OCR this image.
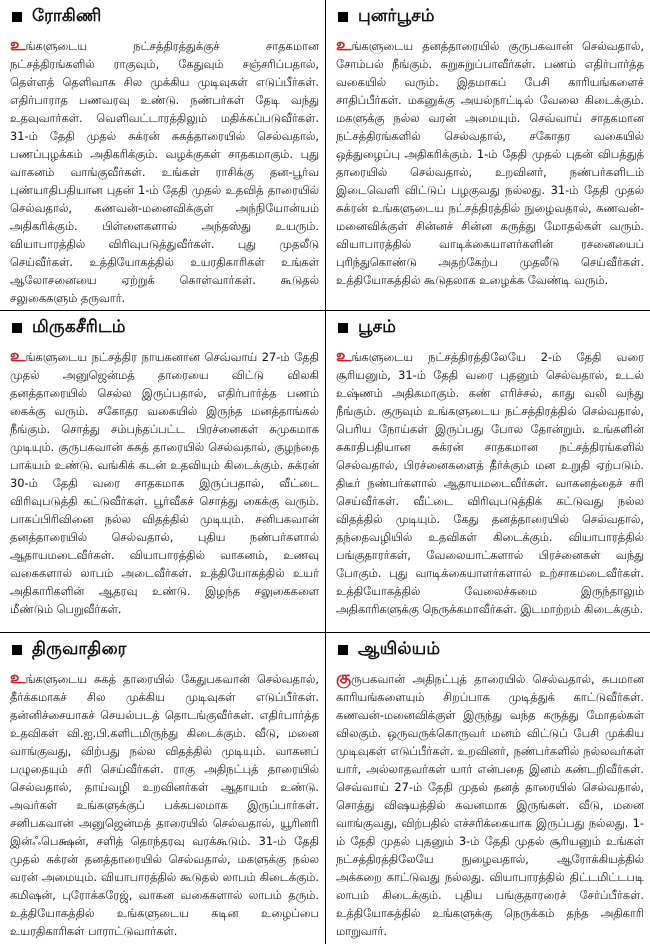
ரோகிணி

உங்களுடைய நட்சத்திரத்துக்குச் சாதகமான நட்சத்திரங்களில் ராகுவும், கேதுவும் சஞ்சரிப்பதால், தெள்ளத் தெளிவாக சில முக்கிய முடிவுகள் எடுப்பீர்கள். எதிர்பாராத பணவரவு உண்டு. நண்பர்கள் தேடி வந்து உதவுவார்கள். வெளிவட்டாரத்திலும் மதிக்கப்படுவீர்கள். 31-ம் தேதி முதல் சுக்ரன் சுகத்தாரையில் செல்வதால், பணப்புழக்கம் அதிகரிக்கும். வழக்குகள் சாதகமாகும். புது வாகனம் வாங்குவீர்கள். உங்கள் ராசிக்கு தன-பூர்வ புண்யாதிபதியான புதன் 1-ம் தேதி முதல் உதவித் தாரையில் செல்வதால், கணவன்-மனைவிக்குள் அந்நியோன்யம் அதிகரிக்கும். பிள்ளைகளால் அந்தஸ்து உயரும். வியாபாரத்தில் விரிவுபடுத்துவீர்கள். புது முதலீடு செய்வீர்கள். உத்தியோகத்தில் உயரதிகாரிகள் உங்கள் ஆலோசனையை ஏற்றுக் கொள்வார்கள். கூடுதல் சலுகைகளும் தருவார்.

புனர்பூசம்

உங்களுடைய தனத்தாரையில் குருபகவான் செல்வதால், சோம்பல் நீங்கும். சுறுசுறுப்பாவீர்கள். பணம் எதிர்பார்த்த வகையில் வரும். இதமாகப் பேசி காரியங்களைச் சாதிப்பீர்கள். மகனுக்கு அயல்நாட்டில் வேலை கிடைக்கும். மகளுக்கு நல்ல வரன் அமையும். செவ்வாய் சாதகமான நட்சத்திரங்களில் செல்வதால், சகோதர வகையில் ஒத்துழைப்பு அதிகரிக்கும். 1-ம் தேதி முதல் புதன் விபத்துத் தாரையில் செல்வதால், உறவினர், நண்பர்களிடம் இடைவெளி விட்டுப் பழகுவது நல்லது. 31-ம் தேதி முதல் சுக்ரன் உங்களுடைய நட்சத்திரத்தில் நுழைவதால், கணவன்-மனைவிக்குள் சின்னச் சின்ன கருத்து மோதல்கள் வரும். வியாபாரத்தில் வாடிக்கையாளர்களின் ரசனையைப் புரிந்துகொண்டு அதற்கேற்ப முதலீடு செய்வீர்கள். உத்தியோகத்தில் கூடுதலாக உழைக்க வேண்டி வரும்.

மிருகசீரிடம்

உங்களுடைய நட்சத்திர நாயகனான செவ்வாய் 27-ம் தேதி முதல் அனுஜென்மத் தாரையை விட்டு விலகி தனத்தாரையில் செல்ல இருப்பதால், எதிர்பார்த்த பணம் கைக்கு வரும். சகோதர வகையில் இருந்த மனத்தாங்கல் நீங்கும். சொத்து சம்பந்தப்பட்ட பிரச்னைகள் சுமுகமாக முடியும். குருபகவான் சுகத் தாரையில் செல்வதால், குழந்தை பாக்யம் உண்டு. வங்கிக் கடன் உதவியும் கிடைக்கும். சுக்ரன் 30-ம் தேதி வரை சாதகமாக இருப்பதால், வீட்டை விரிவுபடுத்தி கட்டுவீர்கள். பூர்வீகச் சொத்து கைக்கு வரும். பாகப்பிரிவினை நல்ல விதத்தில் முடியும். சனிபகவான் தனத்தாரையில் செல்வதால், புதிய நண்பர்களால் ஆதாயமடைவீர்கள். வியாபாரத்தில் வாகனம், உணவு வகைகளால் லாபம் அடைவீர்கள். உத்தியோகத்தில் உயர் அதிகாரிகளின் ஆதரவு உண்டு. இழந்த சலுகைகளை மீண்டும் பெறுவீர்கள்.

பூசம்

உங்களுடைய நட்சத்திரத்திலேயே 2-ம் தேதி வரை சூரியனும், 31-ம் தேதி வரை புதனும் செல்வதால், உடல் உஷ்ணம் அதிகமாகும். கண் எரிச்சல், காது வலி வந்து நீங்கும். குருவும் உங்களுடைய நட்சத்திரத்தில் செல்வதால், பெரிய நோய்கள் இருப்பது போல தோன்றும். உங்களின் சுகாதிபதியான சுக்ரன் சாதகமான நட்சத்திரங்களில் செல்வதால், பிரச்னைகளைத் தீர்க்கும் மன உறுதி ஏற்படும். திடீர் நண்பர்களால் ஆதாயமடைவீர்கள். வாகனத்தைச் சரி செய்வீர்கள். வீட்டை விரிவுபடுத்திக் கட்டுவது நல்ல விதத்தில் முடியும். கேது தனத்தாரையில் செல்வதால், தந்தைவழியில் உதவிகள் கிடைக்கும். வியாபாரத்தில் பங்குதாரர்கள், வேலையாட்களால் பிரச்னைகள் வந்து போகும். புது வாடிக்கையாளர்களால் உற்சாகமடைவீர்கள். உத்தியோகத்தில் வேலைச்சுமை இருந்தாலும் அதிகாரிகளுக்கு நெருக்கமாவீர்கள். இடமாற்றம் கிடைக்கும்.

திருவாதிரை

உங்களுடைய சுகத் தாரையில் கேதுபகவான் செல்வதால், தீர்க்கமாகச் சில முக்கிய முடிவுகள் எடுப்பீர்கள். தன்னிச்சையாகச் செயல்படத் தொடங்குவீர்கள். எதிர்பார்த்த உதவிகள் வி.ஐ.பி.களிடமிருந்து கிடைக்கும். வீடு, மனை வாங்குவது, விற்பது நல்ல விதத்தில் முடியும். வாகனப் பழுதையும் சரி செய்வீர்கள். ராகு அதிநட்புத் தாரையில் செல்வதால், தாய்வழி உறவினர்கள் ஆதாயம் உண்டு. அவர்கள் உங்களுக்குப் பக்கபலமாக இருப்பார்கள். சனிபகவான் அனுஜென்மத் தாரையில் செல்வதால், யூரினரி இன்ஃபெக்ஷன், சளித் தொந்தரவு வரக்கூடும். 31-ம் தேதி முதல் சுக்ரன் தனத்தாரையில் செல்வதால், மகளுக்கு நல்ல வரன் அமையும். வியாபாரத்தில் கூடுதல் லாபம் கிடைக்கும். கமிஷன், புரோக்கரேஜ், வாகன வகைகளால் லாபம் தரும். உத்தியோகத்தில் உங்களுடைய கடின உழைப்பை உயரதிகாரிகள் பாராட்டுவார்கள்.

ஆயில்யம்

குருபகவான் அதிநட்புத் தாரையில் செல்வதால், சுபமான காரியங்களையும் சிறப்பாக முடித்துக் காட்டுவீர்கள். கணவன்-மனைவிக்குள் இருந்து வந்த கருத்து மோதல்கள் விலகும். ஒருவருக்கொருவர் மனம் விட்டுப் பேசி முக்கிய முடிவுகள் எடுப்பீர்கள். உறவினர், நண்பர்களில் நல்லவர்கள் யார், அல்லாதவர்கள் யார் என்பதை இனம் கண்டறிவீர்கள். செவ்வாய் 27-ம் தேதி முதல் தனத் தாரையில் செல்வதால், சொத்து விஷயத்தில் கவனமாக இருங்கள். வீடு, மனை வாங்குவது, விற்பதில் எச்சரிக்கையாக இருப்பது நல்லது. 1-ம் தேதி முதல் புதனும் 3-ம் தேதி முதல் சூரியனும் உங்கள் நட்சத்திரத்திலேயே நுழைவதால், ஆரோக்கியத்தில் அக்கறை காட்டுவது நல்லது. வியாபாரத்தில் திட்டமிட்டபடி லாபம் கிடைக்கும். புதிய பங்குதாரரைச் சேர்ப்பீர்கள். உத்தியோகத்தில் உங்களுக்கு நெருக்கம் தந்த அதிகாரி மாறுவார்.
